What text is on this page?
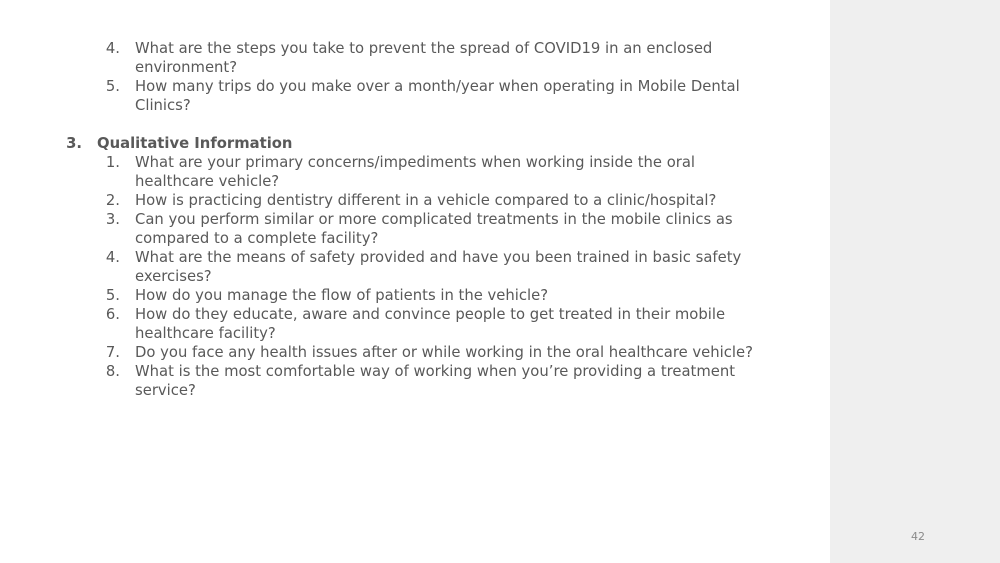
4. What are the steps you take to prevent the spread of COVID19 in an enclosed environment?
5. How many trips do you make over a month/year when operating in Mobile Dental Clinics?
3. Qualitative Information
1. What are your primary concerns/impediments when working inside the oral healthcare vehicle?
2. How is practicing dentistry different in a vehicle compared to a clinic/hospital?
3. Can you perform similar or more complicated treatments in the mobile clinics as compared to a complete facility?
4. What are the means of safety provided and have you been trained in basic safety exercises?
5. How do you manage the flow of patients in the vehicle?
6. How do they educate, aware and convince people to get treated in their mobile healthcare facility?
7. Do you face any health issues after or while working in the oral healthcare vehicle?
8. What is the most comfortable way of working when you’re providing a treatment service?
42
